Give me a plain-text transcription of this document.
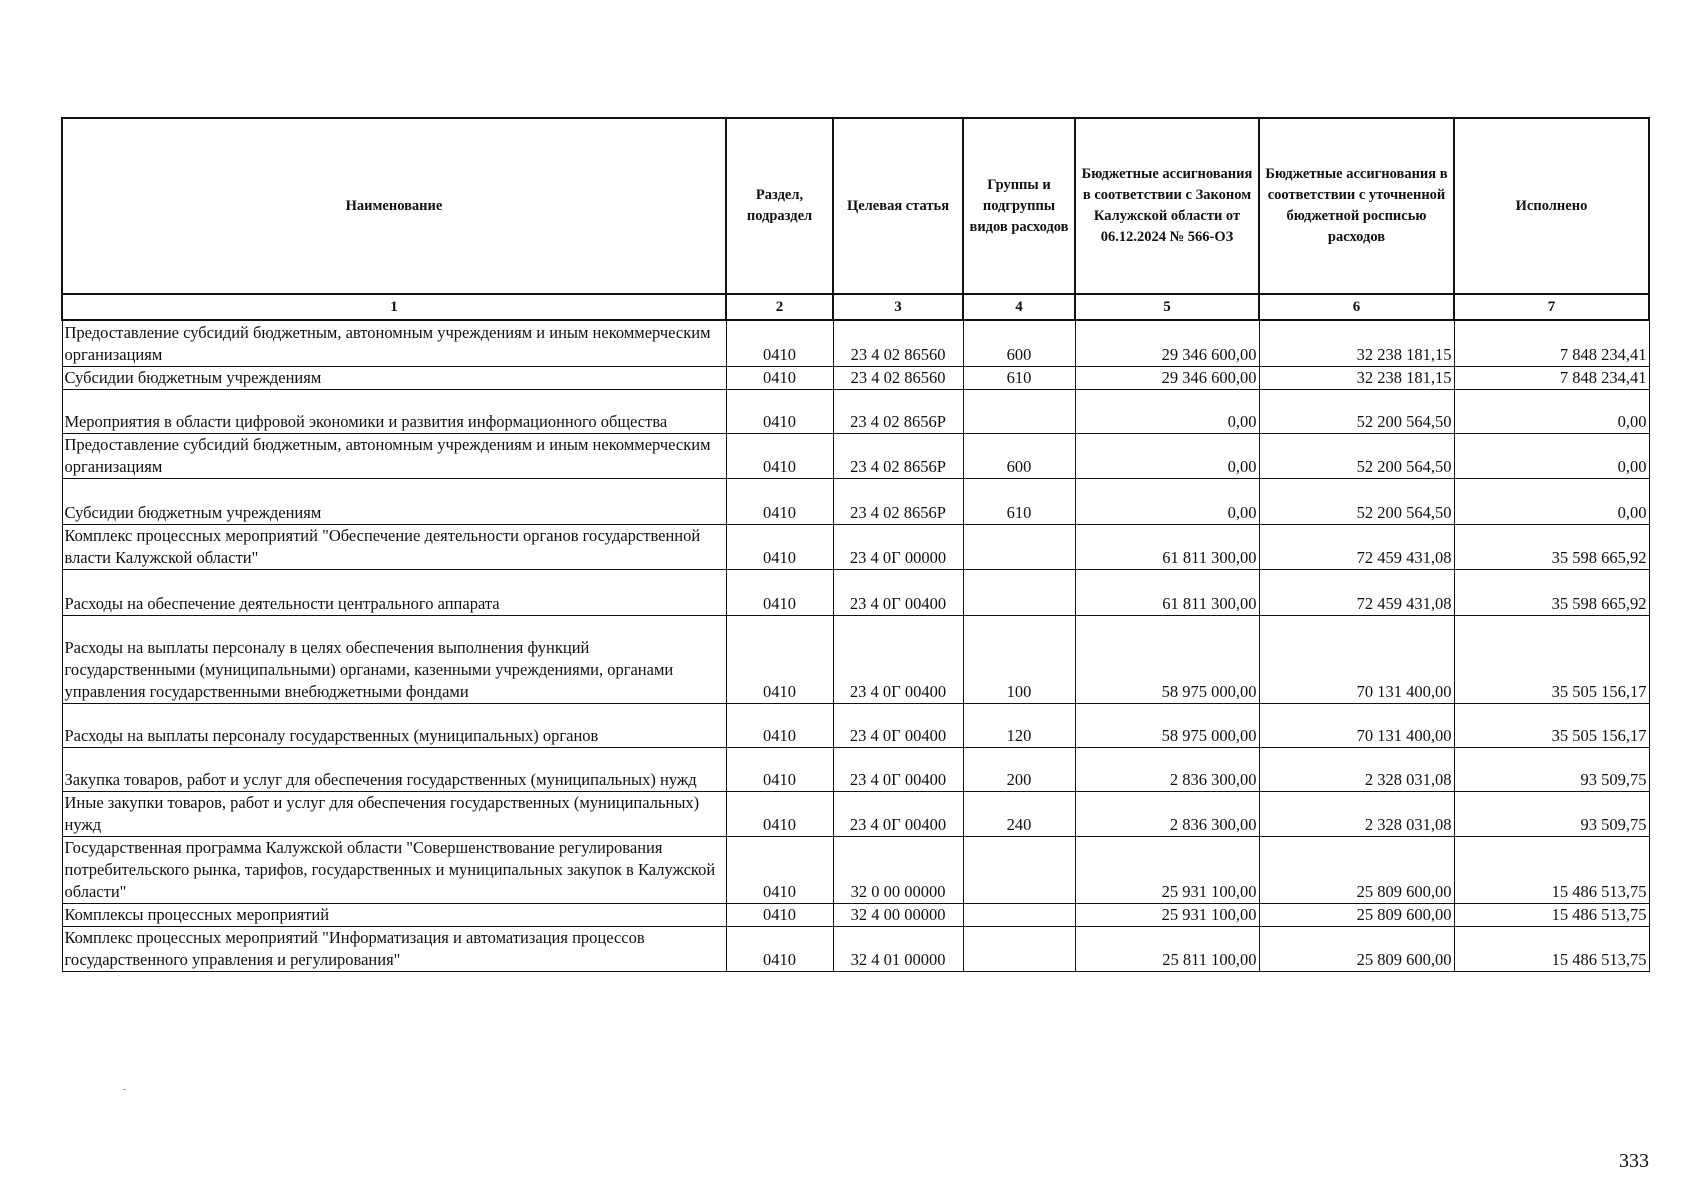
Наименование	Раздел, подраздел	Целевая статья	Группы и подгруппы видов расходов	Бюджетные ассигнования в соответствии с Законом Калужской области от 06.12.2024 № 566-ОЗ	Бюджетные ассигнования в соответствии с уточненной бюджетной росписью расходов	Исполнено
1	2	3	4	5	6	7
Предоставление субсидий бюджетным, автономным учреждениям и иным некоммерческим организациям	0410	23 4 02 86560	600	29 346 600,00	32 238 181,15	7 848 234,41
Субсидии бюджетным учреждениям	0410	23 4 02 86560	610	29 346 600,00	32 238 181,15	7 848 234,41
Мероприятия в области цифровой экономики и развития информационного общества	0410	23 4 02 8656Р		0,00	52 200 564,50	0,00
Предоставление субсидий бюджетным, автономным учреждениям и иным некоммерческим организациям	0410	23 4 02 8656Р	600	0,00	52 200 564,50	0,00
Субсидии бюджетным учреждениям	0410	23 4 02 8656Р	610	0,00	52 200 564,50	0,00
Комплекс процессных мероприятий "Обеспечение деятельности органов государственной власти Калужской области"	0410	23 4 0Г 00000		61 811 300,00	72 459 431,08	35 598 665,92
Расходы на обеспечение деятельности центрального аппарата	0410	23 4 0Г 00400		61 811 300,00	72 459 431,08	35 598 665,92
Расходы на выплаты персоналу в целях обеспечения выполнения функций государственными (муниципальными) органами, казенными учреждениями, органами управления государственными внебюджетными фондами	0410	23 4 0Г 00400	100	58 975 000,00	70 131 400,00	35 505 156,17
Расходы на выплаты персоналу государственных (муниципальных) органов	0410	23 4 0Г 00400	120	58 975 000,00	70 131 400,00	35 505 156,17
Закупка товаров, работ и услуг для обеспечения государственных (муниципальных) нужд	0410	23 4 0Г 00400	200	2 836 300,00	2 328 031,08	93 509,75
Иные закупки товаров, работ и услуг для обеспечения государственных (муниципальных) нужд	0410	23 4 0Г 00400	240	2 836 300,00	2 328 031,08	93 509,75
Государственная программа Калужской области "Совершенствование регулирования потребительского рынка, тарифов, государственных и муниципальных закупок в Калужской области"	0410	32 0 00 00000		25 931 100,00	25 809 600,00	15 486 513,75
Комплексы процессных мероприятий	0410	32 4 00 00000		25 931 100,00	25 809 600,00	15 486 513,75
Комплекс процессных мероприятий "Информатизация и автоматизация процессов государственного управления и регулирования"	0410	32 4 01 00000		25 811 100,00	25 809 600,00	15 486 513,75
333
